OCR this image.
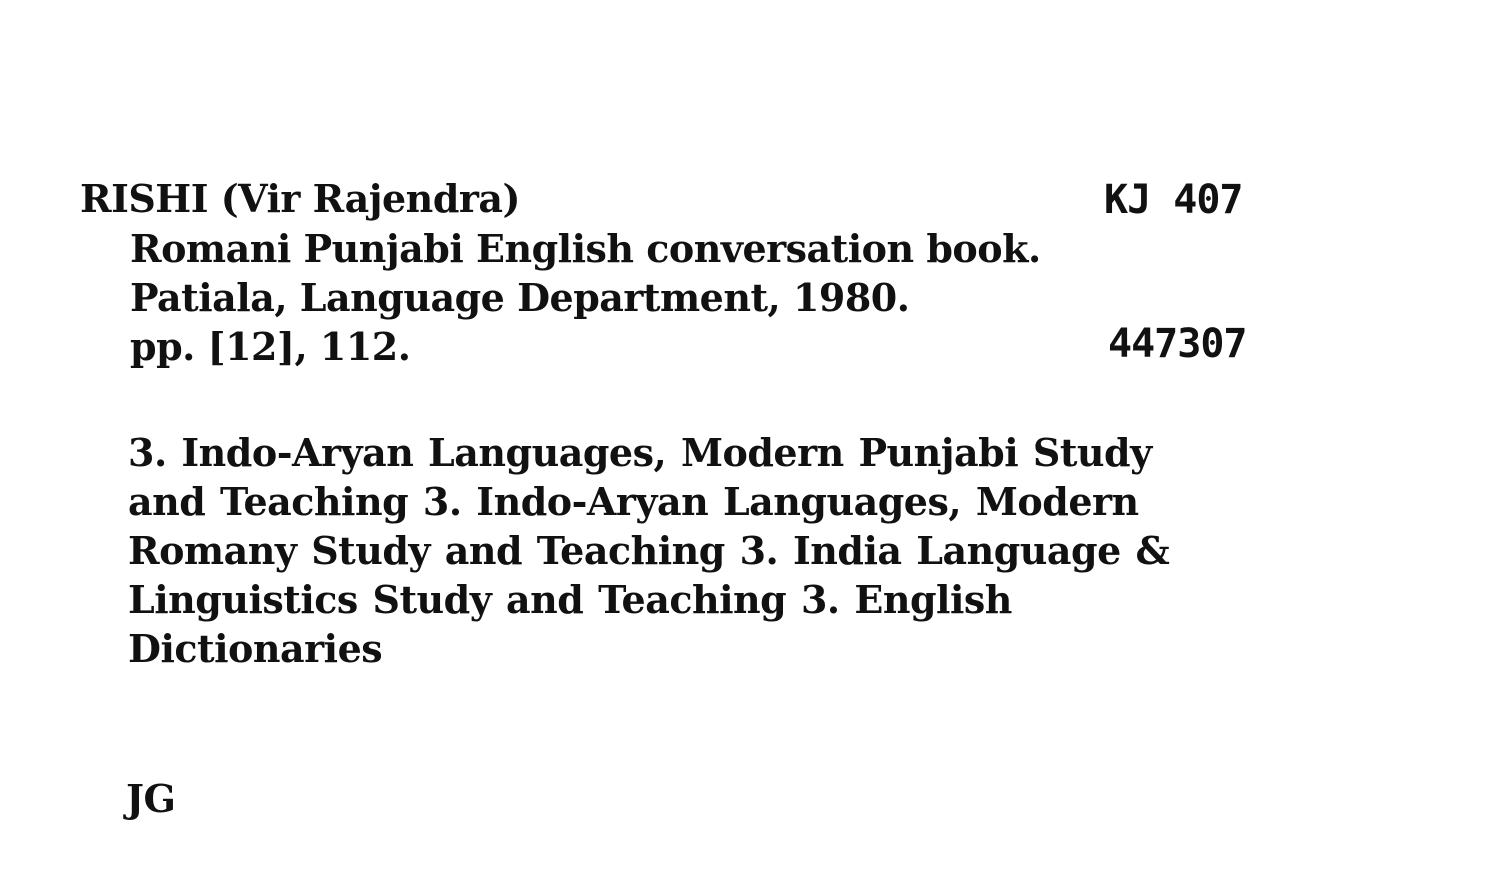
KJ 407

447307

RISHI (Vir Rajendra)
Romani Punjabi English conversation book.
Patiala, Language Department, 1980.
pp. [12], 112.
3. Indo-Aryan Languages, Modern Punjabi Study
and Teaching 3. Indo-Aryan Languages, Modern
Romany Study and Teaching 3. India Language &
Linguistics Study and Teaching 3. English
Dictionaries
JG
